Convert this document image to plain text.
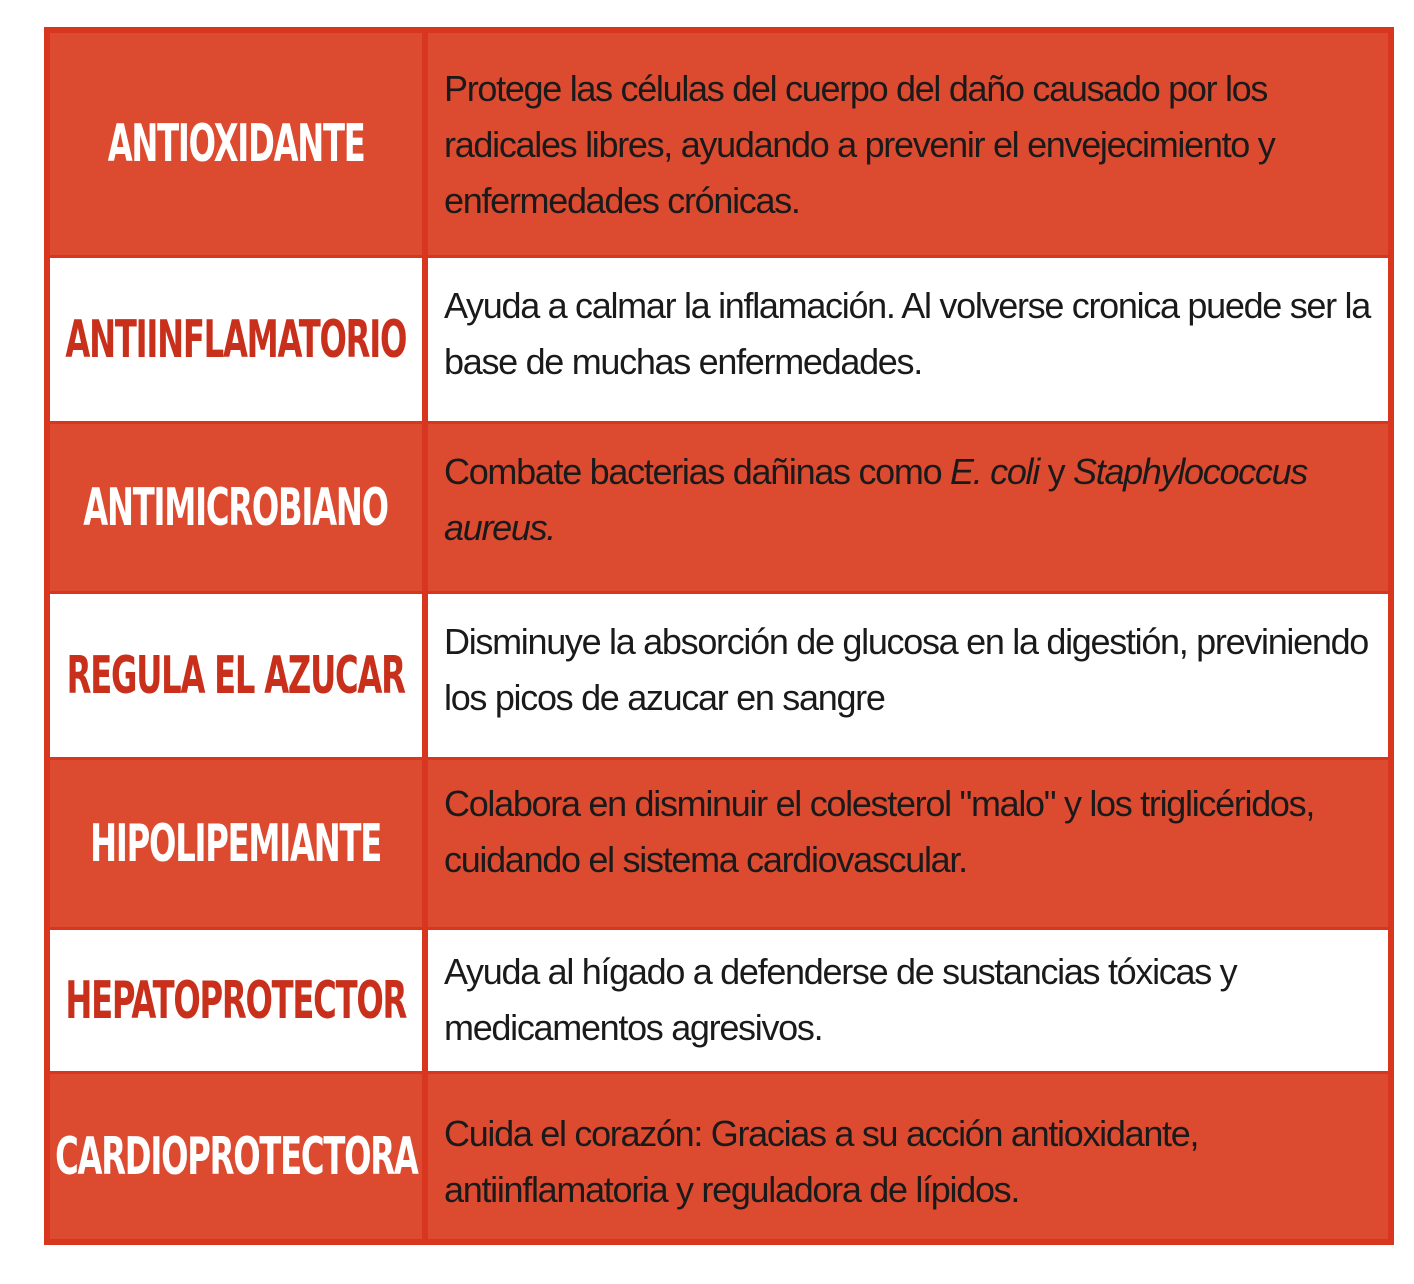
ANTIOXIDANTE
Protege las células del cuerpo del daño causado por los radicales libres, ayudando a prevenir el envejecimiento y enfermedades crónicas.
ANTIINFLAMATORIO
Ayuda a calmar la inflamación. Al volverse cronica puede ser la base de muchas enfermedades.
ANTIMICROBIANO
Combate bacterias dañinas como E. coli y Staphylococcus aureus.
REGULA EL AZUCAR
Disminuye la absorción de glucosa en la digestión, previniendo los picos de azucar en sangre
HIPOLIPEMIANTE
Colabora en disminuir el colesterol "malo" y los triglicéridos, cuidando el sistema cardiovascular.
HEPATOPROTECTOR	Ayuda al hígado a defenderse de sustancias tóxicas y medicamentos agresivos.
CARDIOPROTECTORA Cuida el corazón: Gracias a su acción antioxidante, antiinflamatoria y reguladora de lípidos.
